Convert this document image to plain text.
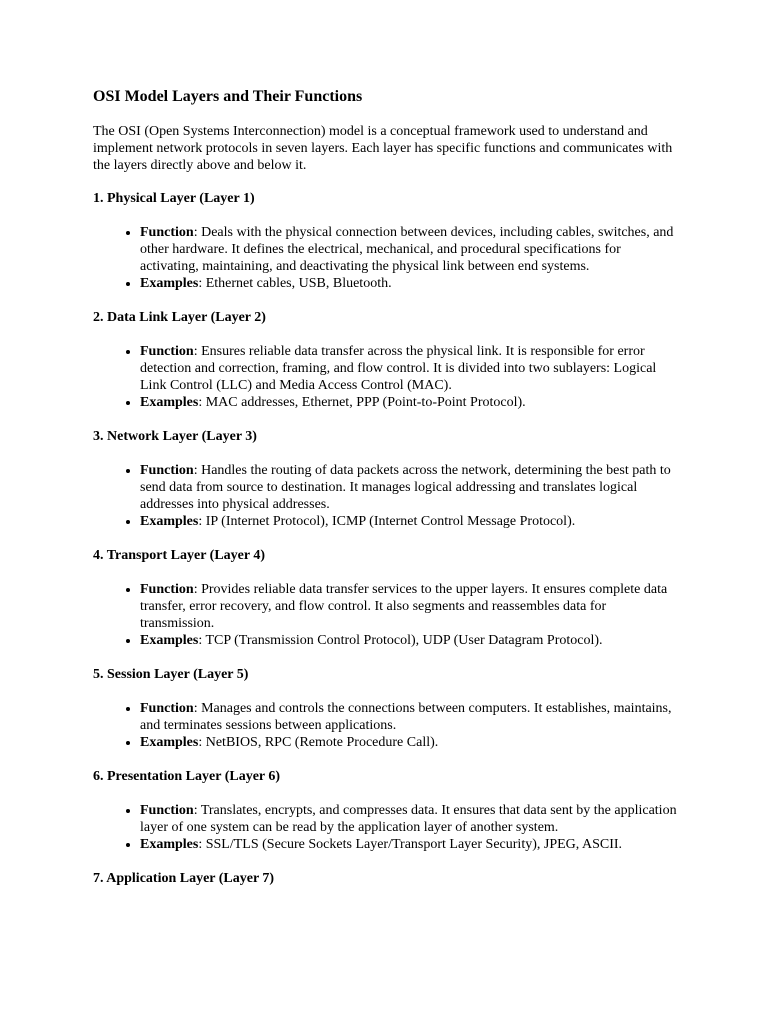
OSI Model Layers and Their Functions

The OSI (Open Systems Interconnection) model is a conceptual framework used to understand and implement network protocols in seven layers. Each layer has specific functions and communicates with the layers directly above and below it.

1. Physical Layer (Layer 1)
• Function: Deals with the physical connection between devices, including cables, switches, and other hardware. It defines the electrical, mechanical, and procedural specifications for activating, maintaining, and deactivating the physical link between end systems.
• Examples: Ethernet cables, USB, Bluetooth.
2. Data Link Layer (Layer 2)
• Function: Ensures reliable data transfer across the physical link. It is responsible for error detection and correction, framing, and flow control. It is divided into two sublayers: Logical Link Control (LLC) and Media Access Control (MAC).
• Examples: MAC addresses, Ethernet, PPP (Point-to-Point Protocol).
3. Network Layer (Layer 3)
• Function: Handles the routing of data packets across the network, determining the best path to send data from source to destination. It manages logical addressing and translates logical addresses into physical addresses.
• Examples: IP (Internet Protocol), ICMP (Internet Control Message Protocol).
4. Transport Layer (Layer 4)
• Function: Provides reliable data transfer services to the upper layers. It ensures complete data transfer, error recovery, and flow control. It also segments and reassembles data for transmission.
• Examples: TCP (Transmission Control Protocol), UDP (User Datagram Protocol).
5. Session Layer (Layer 5)
• Function: Manages and controls the connections between computers. It establishes, maintains, and terminates sessions between applications.
• Examples: NetBIOS, RPC (Remote Procedure Call).
6. Presentation Layer (Layer 6)
• Function: Translates, encrypts, and compresses data. It ensures that data sent by the application layer of one system can be read by the application layer of another system.
• Examples: SSL/TLS (Secure Sockets Layer/Transport Layer Security), JPEG, ASCII.
7. Application Layer (Layer 7)
